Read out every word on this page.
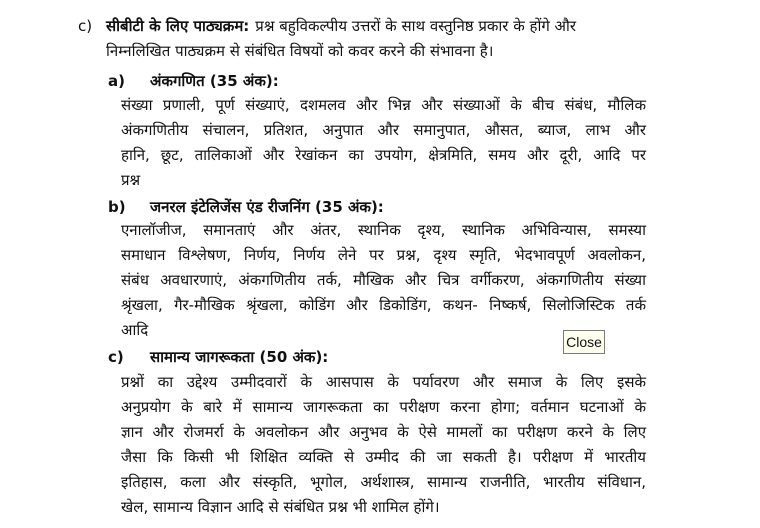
c) सीबीटी के लिए पाठ्यक्रम: प्रश्न बहुविकल्पीय उत्तरों के साथ वस्तुनिष्ठ प्रकार के होंगे और
निम्नलिखित पाठ्यक्रम से संबंधित विषयों को कवर करने की संभावना है।
a) अंकगणित (35 अंक):
संख्या प्रणाली, पूर्ण संख्याएं, दशमलव और भिन्न और संख्याओं के बीच संबंध, मौलिक
अंकगणितीय संचालन, प्रतिशत, अनुपात और समानुपात, औसत, ब्याज, लाभ और
हानि, छूट, तालिकाओं और रेखांकन का उपयोग, क्षेत्रमिति, समय और दूरी, आदि पर
प्रश्न
b) जनरल इंटेलिजेंस एंड रीजनिंग (35 अंक):
एनालॉजीज, समानताएं और अंतर, स्थानिक दृश्य, स्थानिक अभिविन्यास, समस्या
समाधान विश्लेषण, निर्णय, निर्णय लेने पर प्रश्न, दृश्य स्मृति, भेदभावपूर्ण अवलोकन,
संबंध अवधारणाएं, अंकगणितीय तर्क, मौखिक और चित्र वर्गीकरण, अंकगणितीय संख्या
श्रृंखला, गैर-मौखिक श्रृंखला, कोडिंग और डिकोडिंग, कथन- निष्कर्ष, सिलोजिस्टिक तर्क
आदि
c) सामान्य जागरूकता (50 अंक):
प्रश्नों का उद्देश्य उम्मीदवारों के आसपास के पर्यावरण और समाज के लिए इसके
अनुप्रयोग के बारे में सामान्य जागरूकता का परीक्षण करना होगा; वर्तमान घटनाओं के
ज्ञान और रोजमर्रा के अवलोकन और अनुभव के ऐसे मामलों का परीक्षण करने के लिए
जैसा कि किसी भी शिक्षित व्यक्ति से उम्मीद की जा सकती है। परीक्षण में भारतीय
इतिहास, कला और संस्कृति, भूगोल, अर्थशास्त्र, सामान्य राजनीति, भारतीय संविधान,
खेल, सामान्य विज्ञान आदि से संबंधित प्रश्न भी शामिल होंगे।
Close
